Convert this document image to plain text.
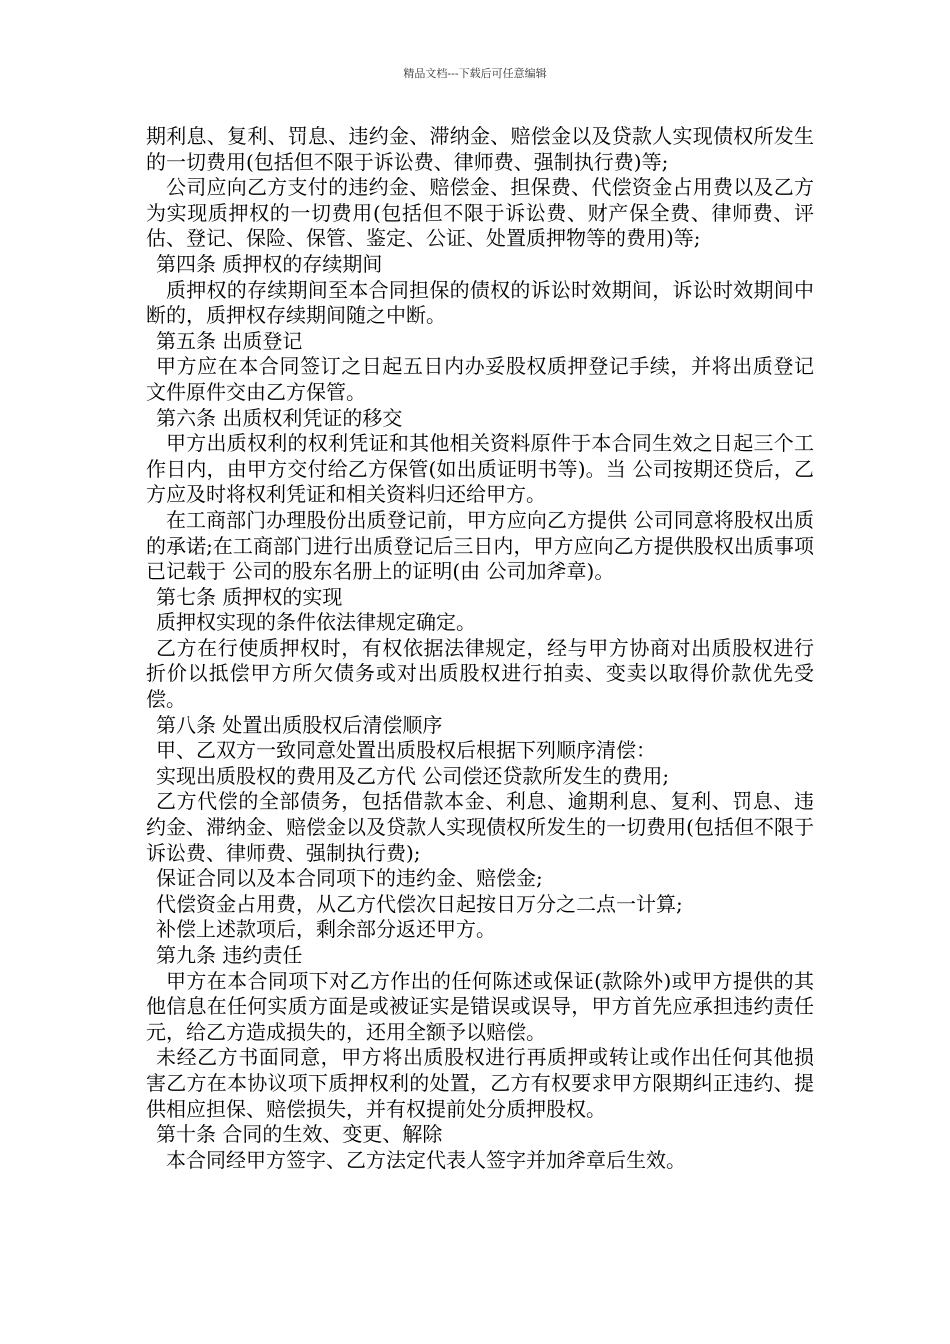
精品文档---下载后可任意编辑

期利息、复利、罚息、违约金、滞纳金、赔偿金以及贷款人实现债权所发生的一切费用(包括但不限于诉讼费、律师费、强制执行费)等;

公司应向乙方支付的违约金、赔偿金、担保费、代偿资金占用费以及乙方为实现质押权的一切费用(包括但不限于诉讼费、财产保全费、律师费、评估、登记、保险、保管、鉴定、公证、处置质押物等的费用)等;

第四条 质押权的存续期间

质押权的存续期间至本合同担保的债权的诉讼时效期间，诉讼时效期间中断的，质押权存续期间随之中断。

第五条 出质登记

甲方应在本合同签订之日起五日内办妥股权质押登记手续，并将出质登记文件原件交由乙方保管。

第六条 出质权利凭证的移交

甲方出质权利的权利凭证和其他相关资料原件于本合同生效之日起三个工作日内，由甲方交付给乙方保管(如出质证明书等)。当 公司按期还贷后，乙方应及时将权利凭证和相关资料归还给甲方。

在工商部门办理股份出质登记前，甲方应向乙方提供 公司同意将股权出质的承诺;在工商部门进行出质登记后三日内，甲方应向乙方提供股权出质事项已记载于 公司的股东名册上的证明(由 公司加斧章)。

第七条 质押权的实现

质押权实现的条件依法律规定确定。

乙方在行使质押权时，有权依据法律规定，经与甲方协商对出质股权进行折价以抵偿甲方所欠债务或对出质股权进行拍卖、变卖以取得价款优先受偿。

第八条 处置出质股权后清偿顺序

甲、乙双方一致同意处置出质股权后根据下列顺序清偿：

实现出质股权的费用及乙方代 公司偿还贷款所发生的费用;

乙方代偿的全部债务，包括借款本金、利息、逾期利息、复利、罚息、违约金、滞纳金、赔偿金以及贷款人实现债权所发生的一切费用(包括但不限于诉讼费、律师费、强制执行费);

保证合同以及本合同项下的违约金、赔偿金;

代偿资金占用费，从乙方代偿次日起按日万分之二点一计算;

补偿上述款项后，剩余部分返还甲方。

第九条 违约责任

甲方在本合同项下对乙方作出的任何陈述或保证(款除外)或甲方提供的其他信息在任何实质方面是或被证实是错误或误导，甲方首先应承担违约责任 元，给乙方造成损失的，还用全额予以赔偿。

未经乙方书面同意，甲方将出质股权进行再质押或转让或作出任何其他损害乙方在本协议项下质押权利的处置，乙方有权要求甲方限期纠正违约、提供相应担保、赔偿损失，并有权提前处分质押股权。

第十条 合同的生效、变更、解除

本合同经甲方签字、乙方法定代表人签字并加斧章后生效。
